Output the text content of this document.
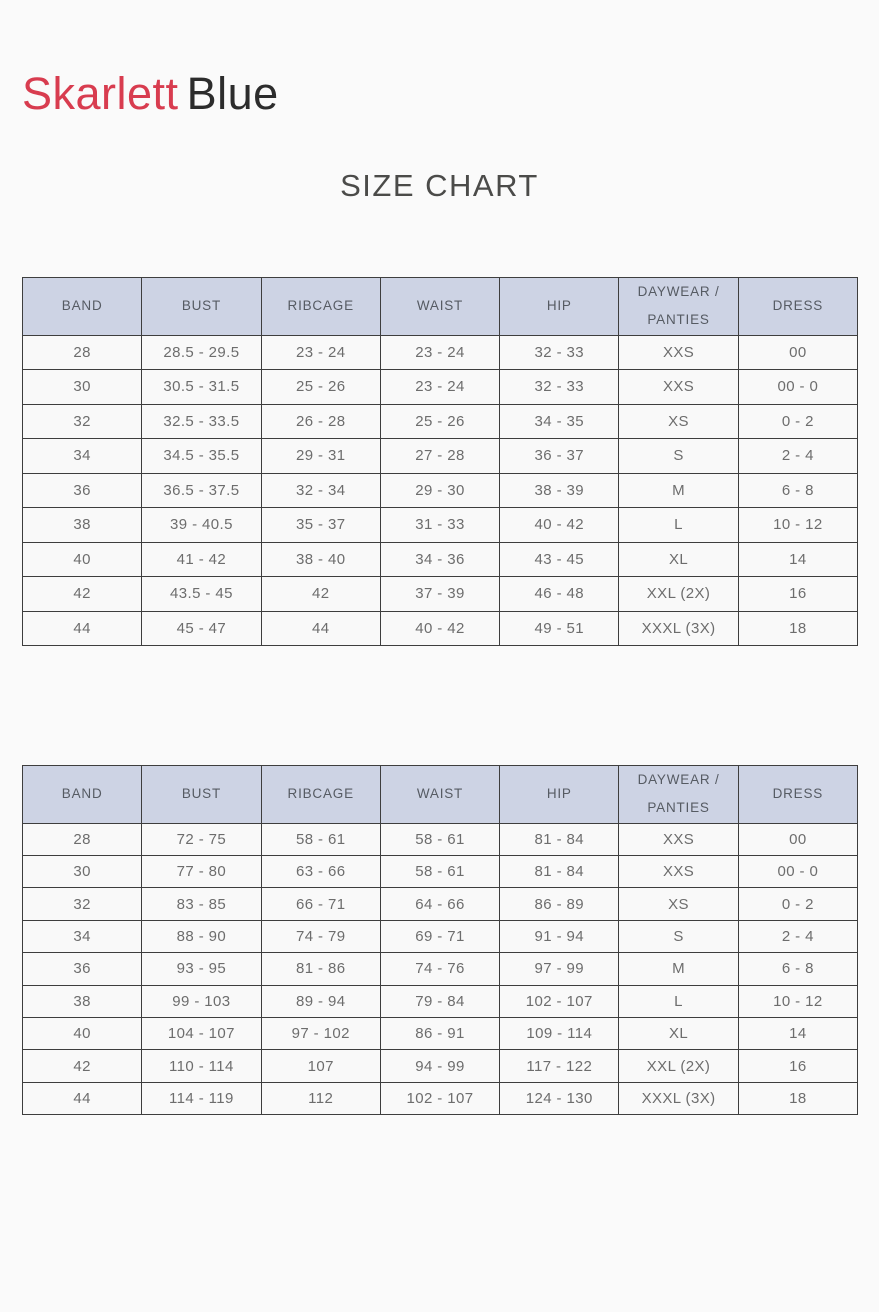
Skarlett Blue
SIZE CHART
BAND	BUST	RIBCAGE	WAIST	HIP	DAYWEAR / PANTIES	DRESS
28	28.5 - 29.5	23 - 24	23 - 24	32 - 33	XXS	00
30	30.5 - 31.5	25 - 26	23 - 24	32 - 33	XXS	00 - 0
32	32.5 - 33.5	26 - 28	25 - 26	34 - 35	XS	0 - 2
34	34.5 - 35.5	29 - 31	27 - 28	36 - 37	S	2 - 4
36	36.5 - 37.5	32 - 34	29 - 30	38 - 39	M	6 - 8
38	39 - 40.5	35 - 37	31 - 33	40 - 42	L	10 - 12
40	41 - 42	38 - 40	34 - 36	43 - 45	XL	14
42	43.5 - 45	42	37 - 39	46 - 48	XXL (2X)	16
44	45 - 47	44	40 - 42	49 - 51	XXXL (3X)	18
BAND	BUST	RIBCAGE	WAIST	HIP	DAYWEAR / PANTIES	DRESS
28	72 - 75	58 - 61	58 - 61	81 - 84	XXS	00
30	77 - 80	63 - 66	58 - 61	81 - 84	XXS	00 - 0
32	83 - 85	66 - 71	64 - 66	86 - 89	XS	0 - 2
34	88 - 90	74 - 79	69 - 71	91 - 94	S	2 - 4
36	93 - 95	81 - 86	74 - 76	97 - 99	M	6 - 8
38	99 - 103	89 - 94	79 - 84	102 - 107	L	10 - 12
40	104 - 107	97 - 102	86 - 91	109 - 114	XL	14
42	110 - 114	107	94 - 99	117 - 122	XXL (2X)	16
44	114 - 119	112	102 - 107	124 - 130	XXXL (3X)	18
